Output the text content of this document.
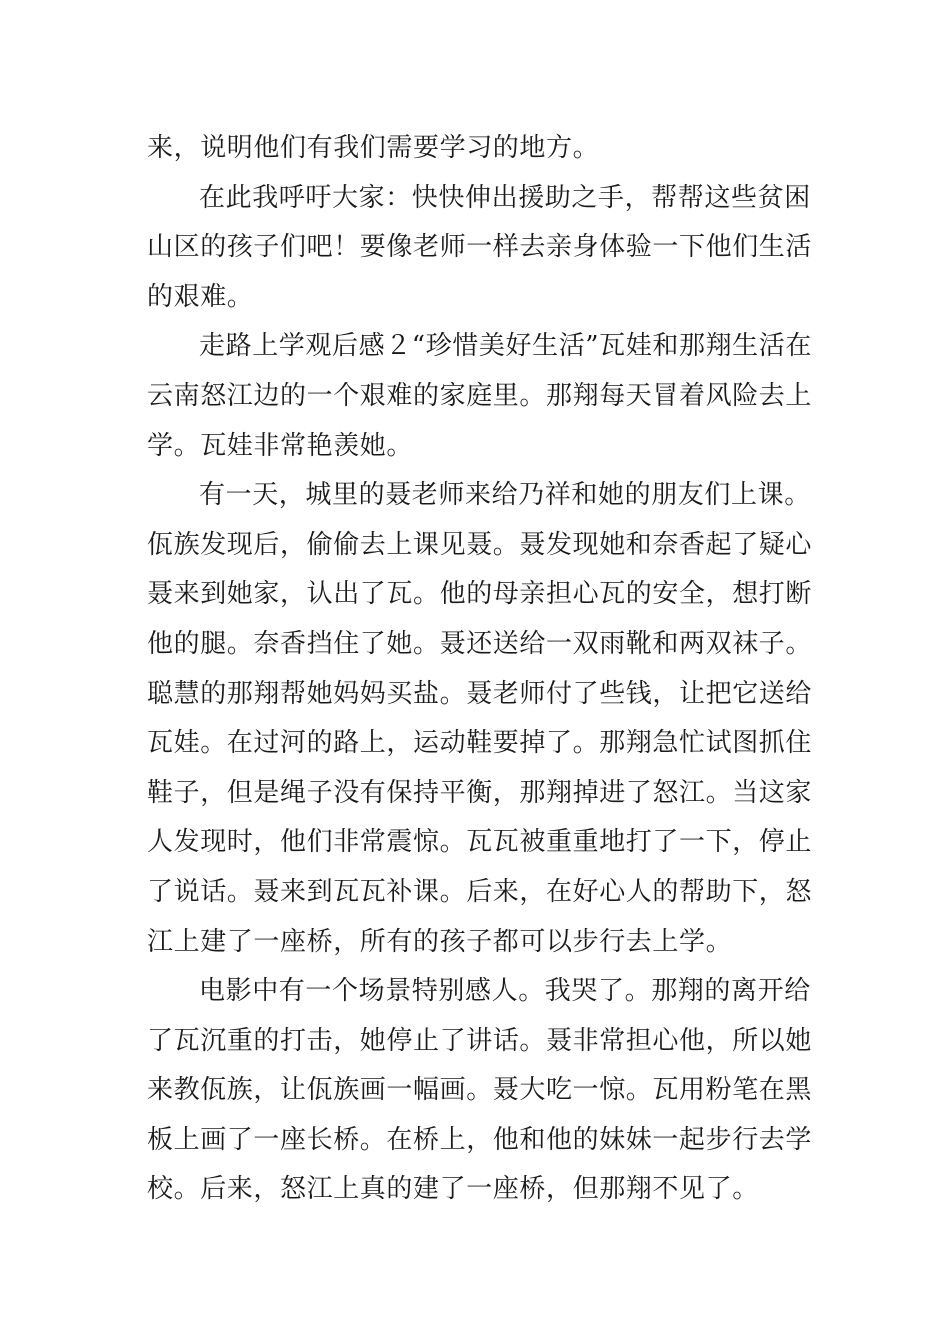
来，说明他们有我们需要学习的地方。
在此我呼吁大家：快快伸出援助之手，帮帮这些贫困
山区的孩子们吧！要像老师一样去亲身体验一下他们生活
的艰难。
走路上学观后感２“珍惜美好生活”瓦娃和那翔生活在
云南怒江边的一个艰难的家庭里。那翔每天冒着风险去上
学。瓦娃非常艳羡她。
有一天，城里的聂老师来给乃祥和她的朋友们上课。
佤族发现后，偷偷去上课见聂。聂发现她和奈香起了疑心
聂来到她家，认出了瓦。他的母亲担心瓦的安全，想打断
他的腿。奈香挡住了她。聂还送给一双雨靴和两双袜子。
聪慧的那翔帮她妈妈买盐。聂老师付了些钱，让把它送给
瓦娃。在过河的路上，运动鞋要掉了。那翔急忙试图抓住
鞋子，但是绳子没有保持平衡，那翔掉进了怒江。当这家
人发现时，他们非常震惊。瓦瓦被重重地打了一下，停止
了说话。聂来到瓦瓦补课。后来，在好心人的帮助下，怒
江上建了一座桥，所有的孩子都可以步行去上学。
电影中有一个场景特别感人。我哭了。那翔的离开给
了瓦沉重的打击，她停止了讲话。聂非常担心他，所以她
来教佤族，让佤族画一幅画。聂大吃一惊。瓦用粉笔在黑
板上画了一座长桥。在桥上，他和他的妹妹一起步行去学
校。后来，怒江上真的建了一座桥，但那翔不见了。
